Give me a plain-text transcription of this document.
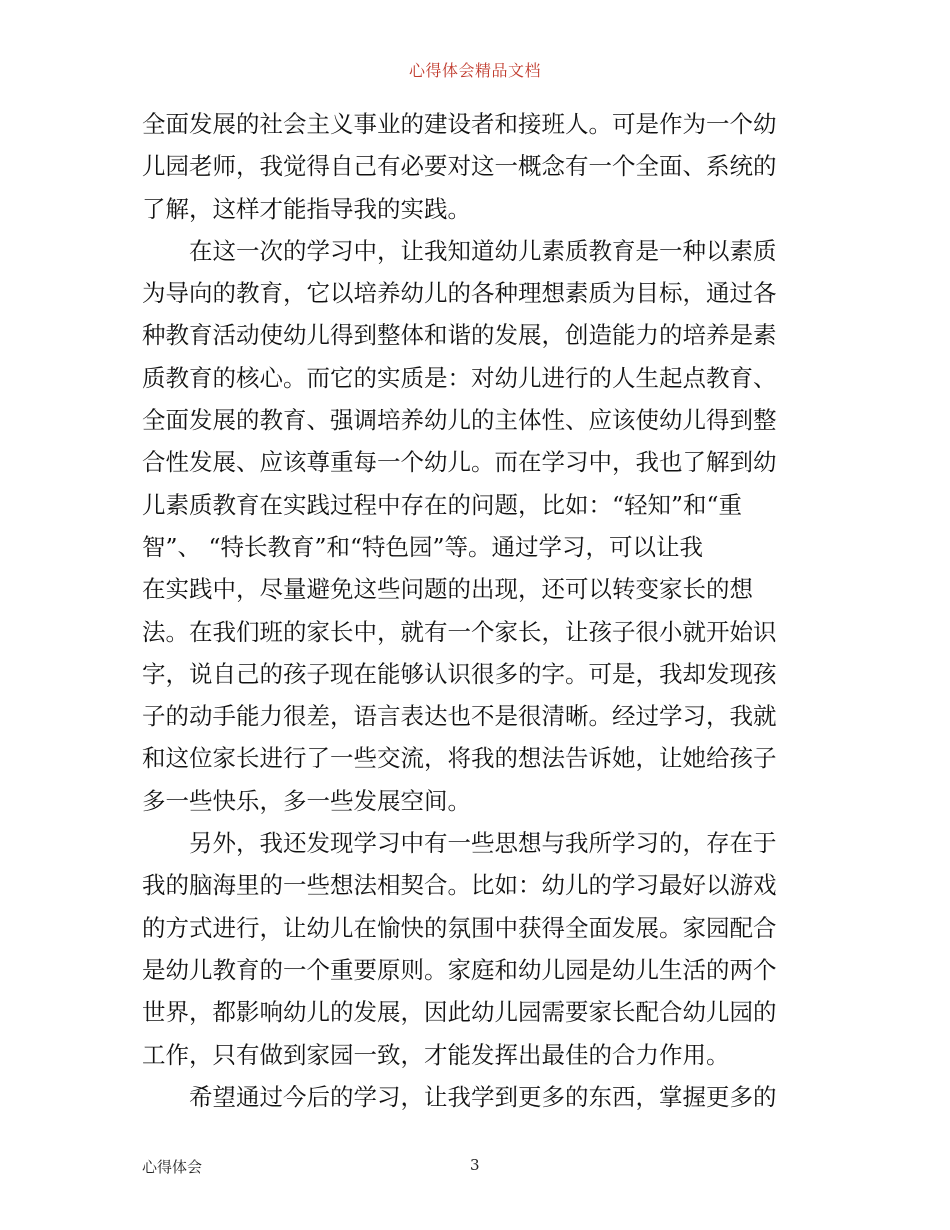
心得体会精品文档
全面发展的社会主义事业的建设者和接班人。可是作为一个幼
儿园老师，我觉得自己有必要对这一概念有一个全面、系统的
了解，这样才能指导我的实践。
在这一次的学习中，让我知道幼儿素质教育是一种以素质
为导向的教育，它以培养幼儿的各种理想素质为目标，通过各
种教育活动使幼儿得到整体和谐的发展，创造能力的培养是素
质教育的核心。而它的实质是：对幼儿进行的人生起点教育、
全面发展的教育、强调培养幼儿的主体性、应该使幼儿得到整
合性发展、应该尊重每一个幼儿。而在学习中，我也了解到幼
儿素质教育在实践过程中存在的问题，比如：“轻知”和“重
智”、 “特长教育”和“特色园”等。通过学习，可以让我
在实践中，尽量避免这些问题的出现，还可以转变家长的想
法。在我们班的家长中，就有一个家长，让孩子很小就开始识
字，说自己的孩子现在能够认识很多的字。可是，我却发现孩
子的动手能力很差，语言表达也不是很清晰。经过学习，我就
和这位家长进行了一些交流，将我的想法告诉她，让她给孩子
多一些快乐，多一些发展空间。
另外，我还发现学习中有一些思想与我所学习的，存在于
我的脑海里的一些想法相契合。比如：幼儿的学习最好以游戏
的方式进行，让幼儿在愉快的氛围中获得全面发展。家园配合
是幼儿教育的一个重要原则。家庭和幼儿园是幼儿生活的两个
世界，都影响幼儿的发展，因此幼儿园需要家长配合幼儿园的
工作，只有做到家园一致，才能发挥出最佳的合力作用。
希望通过今后的学习，让我学到更多的东西，掌握更多的
心得体会	3
